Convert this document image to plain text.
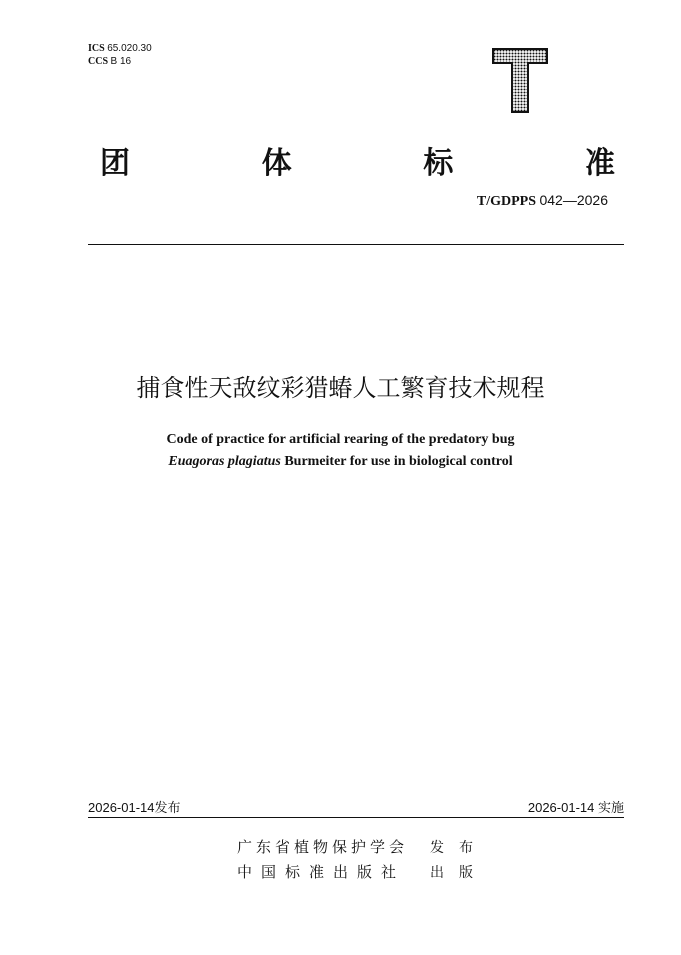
ICS 65.020.30
CCS B 16
团	体	标	准
T/GDPPS 042—2026
捕食性天敌纹彩猎蝽人工繁育技术规程
Code of practice for artificial rearing of the predatory bug
Euagoras plagiatus Burmeiter for use in biological control
2026-01-14发布	2026-01-14 实施
广东省植物保护学会 发布
中国标准出版社 出版
